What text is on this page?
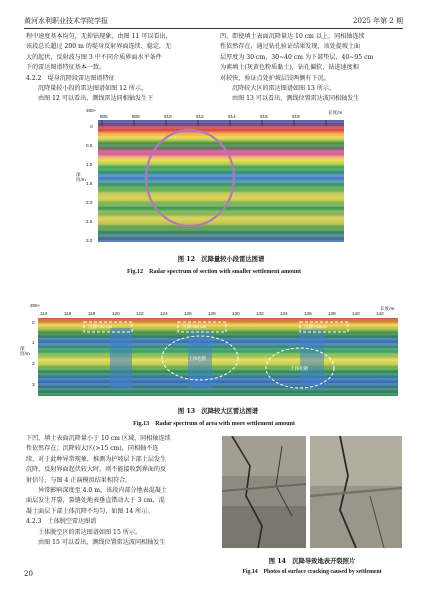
黄河水利职业技术学院学报	2025 年第 2 期

程中速度基本均匀，无掉钻现象，由图 11 可以看出，

该段总长超过 200 m 的堤身反射界面连续、稳定，无

大的起伏，反射波与图 3 中不同介质界面水平条件

下的雷达图谱特征基本一致。

4.2.2　堤身沉降段雷达图谱特征

沉降量较小段的雷达图谱如图 12 所示。

由图 12 可以看出，测线雷达同相轴发生下

凹，即使填土表面沉降量达 10 cm 以上，同相轴连续

性依然存在，通过钻孔验证结果发现，该处提坡土面

层厚度为 30 cm，30~40 cm 为下部垫层，40~95 cm

为素填土(灰黄色粉质黏土)，钻孔偏软，钻进速度相

对较快，验证点处护坡层饺两侧有下沉。

沉降较大区的雷达图谱如图 13 所示。

由图 13 可以看出，测线位置雷达波同相轴发生

265+	长度/m
806	808	810	812	814	816	818
深度/m
0
0.5
1.0
1.5
2.0
2.5
3.0
图 12　沉降量较小段雷达图谱
Fig.12　Radar spectrum of section with smaller settlement amount
265+
长度/m
114	116	118	120	122	124	126	128	130	132	134	136	138	140	142
深度/m
0
1
2
3
沉降<10 cm	沉降>20 cm	沉降>15cm
土体松散
土体松散
图 13　沉降较大区雷达图谱
Fig.13　Radar spectrum of area with more settlement amount

下凹，填土表面沉降量小于 10 cm 区域，同相轴连续

性依然存在；沉降较大区(>15 cm)，同相轴不连

续，对于此种异常现象，推测为护坡层下部土层发生

沉降，反射界面起伏较大时，则不能接收到界面的反

射信号，与图 4 正演模拟结果相符合。

异常影响深度至 4.0 m，该段内部分地表混凝土

面层发生开裂，裂缝处地表垂直错动大于 3 cm，混

凝土面层下部土体沉降不均匀，如图 14 所示。

4.2.3　土体脱空雷达图谱

土体脱空区的雷达图谱如图 15 所示。

由图 15 可以看出，测线位置雷达波同相轴发生

图 14　沉降导致地表开裂照片
Fig.14　Photos of surface cracking caused by settlement
20
